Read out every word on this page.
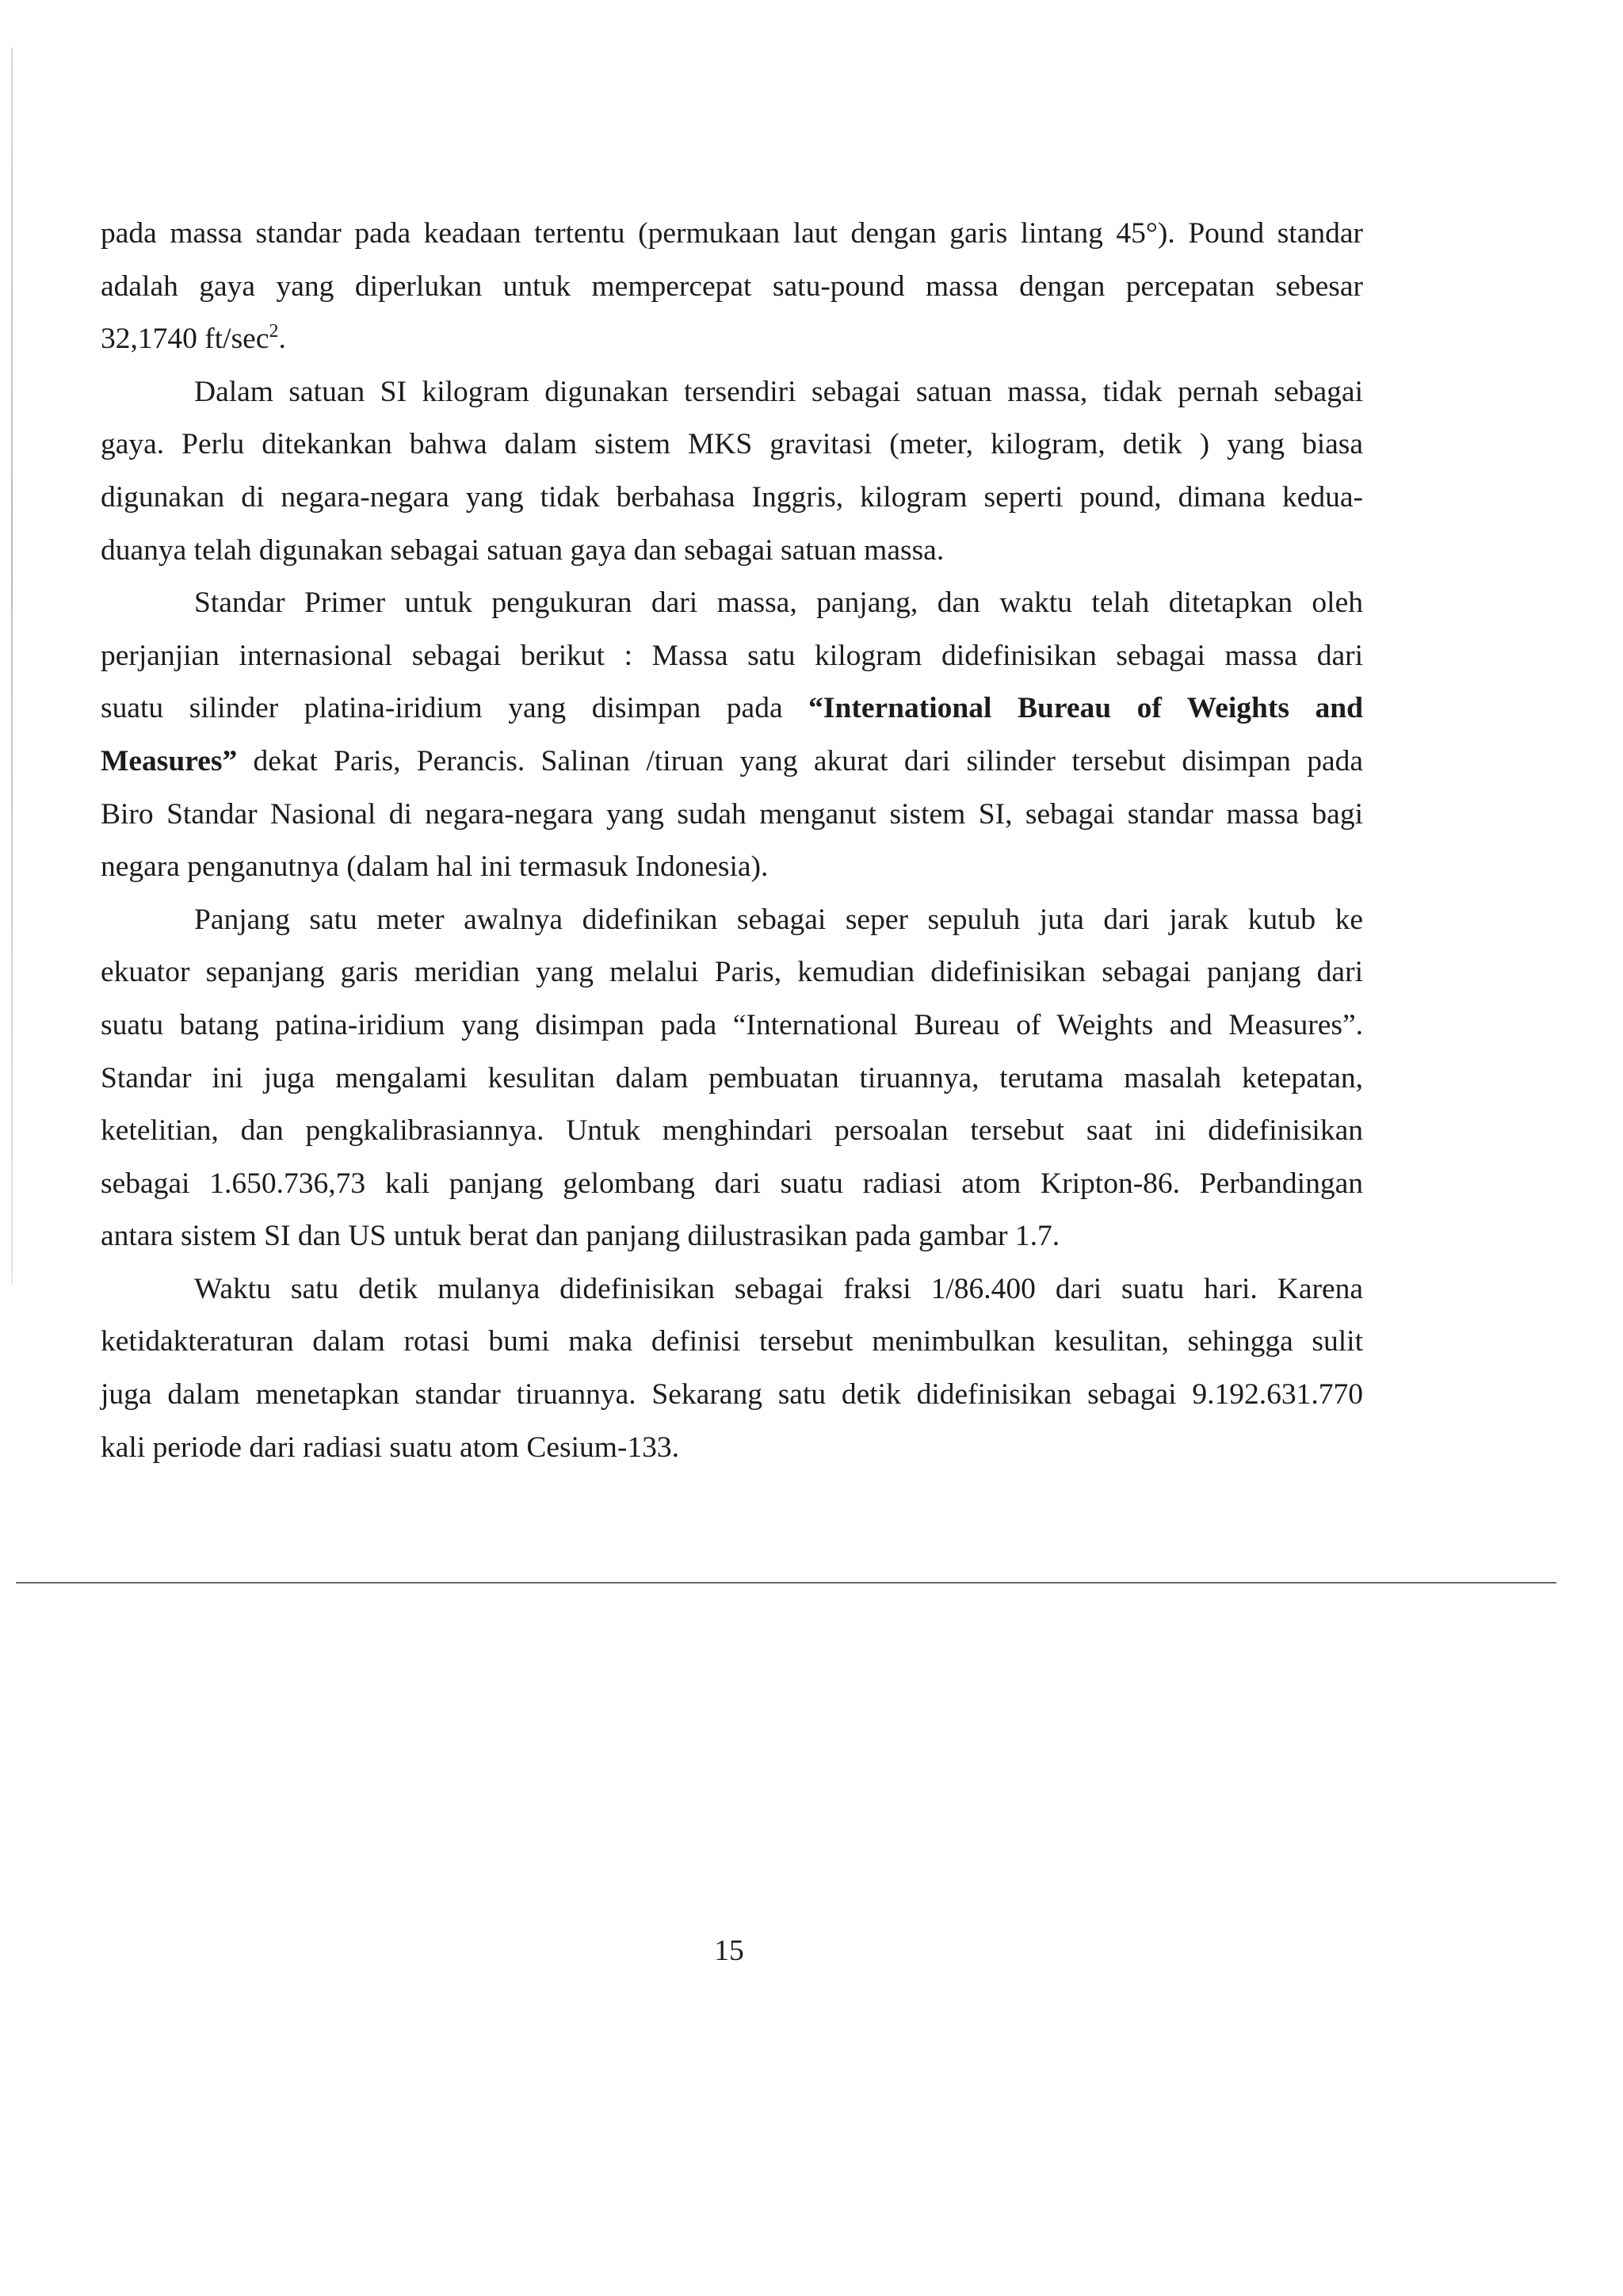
pada massa standar pada keadaan tertentu (permukaan laut dengan garis lintang 45°). Pound standar
adalah gaya yang diperlukan untuk mempercepat satu-pound massa dengan percepatan sebesar
32,1740 $ft/\sec^2$.

Dalam satuan SI kilogram digunakan tersendiri sebagai satuan massa, tidak pernah sebagai
gaya. Perlu ditekankan bahwa dalam sistem MKS gravitasi (meter, kilogram, detik ) yang biasa
digunakan di negara-negara yang tidak berbahasa Inggris, kilogram seperti pound, dimana kedua-
duanya telah digunakan sebagai satuan gaya dan sebagai satuan massa.

Standar Primer untuk pengukuran dari massa, panjang, dan waktu telah ditetapkan oleh
perjanjian internasional sebagai berikut : Massa satu kilogram didefinisikan sebagai massa dari
suatu silinder platina-iridium yang disimpan pada “International Bureau of Weights and
Measures” dekat Paris, Perancis. Salinan /tiruan yang akurat dari silinder tersebut disimpan pada
Biro Standar Nasional di negara-negara yang sudah menganut sistem SI, sebagai standar massa bagi
negara penganutnya (dalam hal ini termasuk Indonesia).

Panjang satu meter awalnya didefinikan sebagai seper sepuluh juta dari jarak kutub ke
ekuator sepanjang garis meridian yang melalui Paris, kemudian didefinisikan sebagai panjang dari
suatu batang patina-iridium yang disimpan pada “International Bureau of Weights and Measures”.
Standar ini juga mengalami kesulitan dalam pembuatan tiruannya, terutama masalah ketepatan,
ketelitian, dan pengkalibrasiannya. Untuk menghindari persoalan tersebut saat ini didefinisikan
sebagai 1.650.736,73 kali panjang gelombang dari suatu radiasi atom Kripton-86. Perbandingan
antara sistem SI dan US untuk berat dan panjang diilustrasikan pada gambar 1.7.

Waktu satu detik mulanya didefinisikan sebagai fraksi 1/86.400 dari suatu hari. Karena
ketidakteraturan dalam rotasi bumi maka definisi tersebut menimbulkan kesulitan, sehingga sulit
juga dalam menetapkan standar tiruannya. Sekarang satu detik didefinisikan sebagai 9.192.631.770
kali periode dari radiasi suatu atom Cesium-133.

15
